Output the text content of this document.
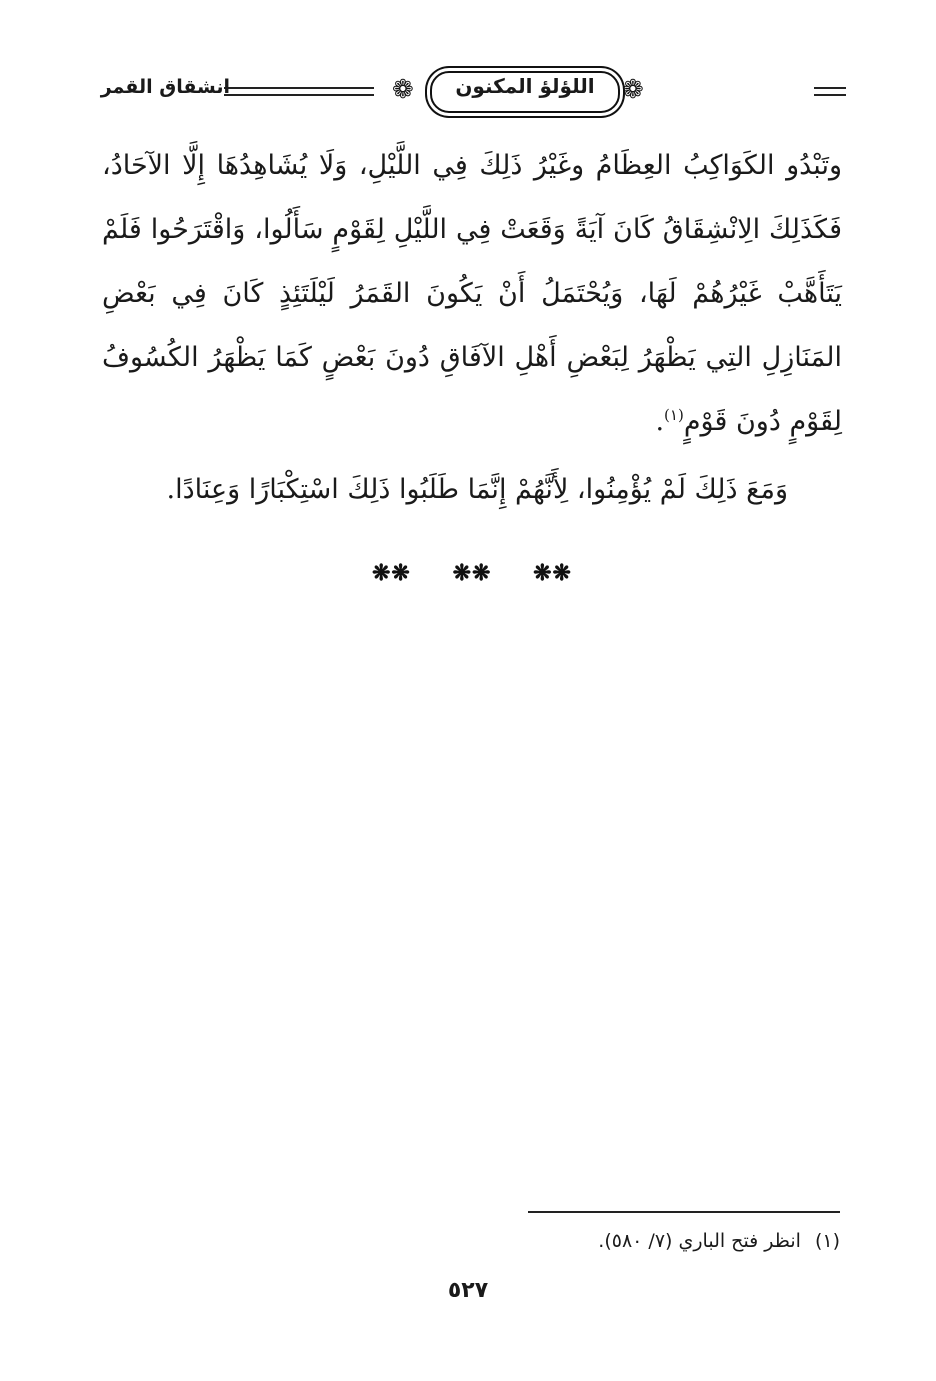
❁	اللؤلؤ المكنون	❁
انشقاق القمر

وتَبْدُو الكَوَاكِبُ العِظَامُ وغَيْرُ ذَلِكَ فِي اللَّيْلِ، وَلَا يُشَاهِدُهَا إِلَّا الآحَادُ، فَكَذَلِكَ الِانْشِقَاقُ كَانَ آيَةً وَقَعَتْ فِي اللَّيْلِ لِقَوْمٍ سَأَلُوا، وَاقْتَرَحُوا فَلَمْ يَتَأَهَّبْ غَيْرُهُمْ لَهَا، وَيُحْتَمَلُ أَنْ يَكُونَ القَمَرُ لَيْلَتَئِذٍ كَانَ فِي بَعْضِ المَنَازِلِ التِي يَظْهَرُ لِبَعْضِ أَهْلِ الآفَاقِ دُونَ بَعْضٍ كَمَا يَظْهَرُ الكُسُوفُ لِقَوْمٍ دُونَ قَوْمٍ$^{(١)}$.

وَمَعَ ذَلِكَ لَمْ يُؤْمِنُوا، لِأَنَّهُمْ إِنَّمَا طَلَبُوا ذَلِكَ اسْتِكْبَارًا وَعِنَادًا.

❋❋ ❋❋ ❋❋
(١)انظر فتح الباري (٧/ ٥٨٠).
٥٢٧
